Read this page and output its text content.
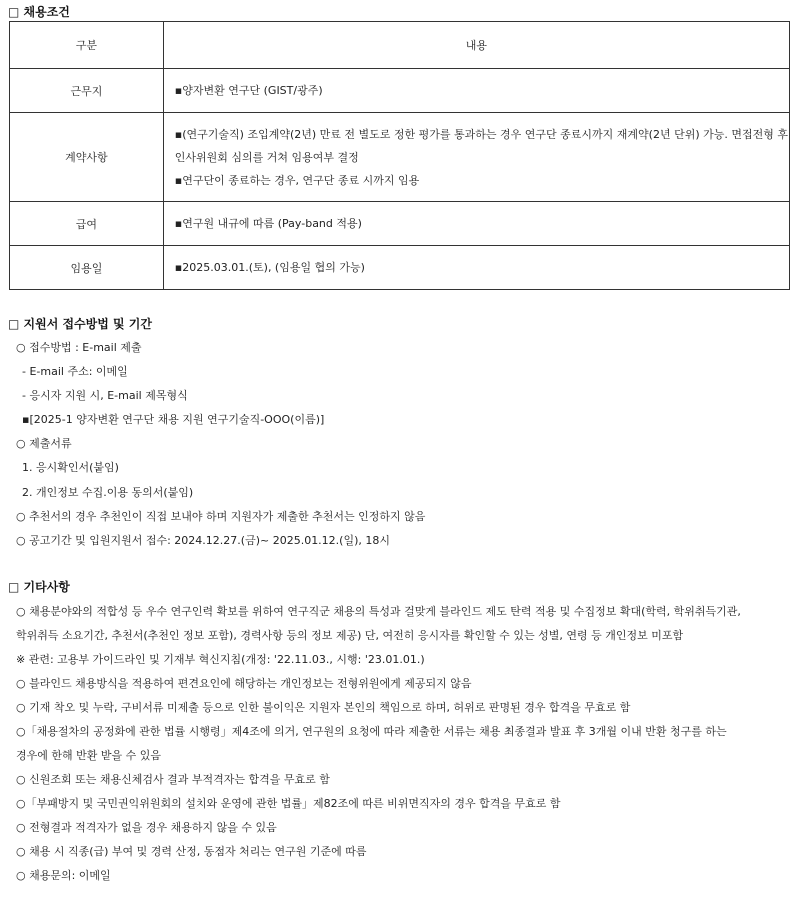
□ 채용조건
구분	내용
근무지	▪양자변환 연구단 (GIST/광주)

계약사항	▪(연구기술직) 조입계약(2년) 만료 전 별도로 정한 평가를 통과하는 경우 연구단 종료시까지 재계약(2년 단위) 가능. 면접전형 후
인사위원회 심의를 거쳐 임용여부 결정
▪연구단이 종료하는 경우, 연구단 종료 시까지 임용

급여	▪연구원 내규에 따름 (Pay-band 적용)

임용일	▪2025.03.01.(토), (임용일 협의 가능)
□ 지원서 접수방법 및 기간
○ 접수방법 : E-mail 제출
- E-mail 주소: 이메일
- 응시자 지원 시, E-mail 제목형식
▪[2025-1 양자변환 연구단 채용 지원 연구기술직-OOO(이름)]
○ 제출서류
1. 응시확인서(붙임)
2. 개인정보 수집.이용 동의서(붙임)
○ 추천서의 경우 추천인이 직접 보내야 하며 지원자가 제출한 추천서는 인정하지 않음
○ 공고기간 및 입원지원서 접수: 2024.12.27.(금)~ 2025.01.12.(일), 18시
□ 기타사항
○ 채용분야와의 적합성 등 우수 연구인력 확보를 위하여 연구직군 채용의 특성과 걸맞게 블라인드 제도 탄력 적용 및 수집정보 확대(학력, 학위취득기관,
학위취득 소요기간, 추천서(추천인 정보 포함), 경력사항 등의 정보 제공) 단, 여전히 응시자를 확인할 수 있는 성별, 연령 등 개인정보 미포함
※ 관련: 고용부 가이드라인 및 기재부 혁신지침(개정: '22.11.03., 시행: '23.01.01.)
○ 블라인드 채용방식을 적용하여 편견요인에 해당하는 개인정보는 전형위원에게 제공되지 않음
○ 기재 착오 및 누락, 구비서류 미제출 등으로 인한 불이익은 지원자 본인의 책임으로 하며, 허위로 판명된 경우 합격을 무효로 함
○「채용절차의 공정화에 관한 법률 시행령」제4조에 의거, 연구원의 요청에 따라 제출한 서류는 채용 최종결과 발표 후 3개월 이내 반환 청구를 하는
경우에 한해 반환 받을 수 있음
○ 신원조회 또는 채용신체검사 결과 부적격자는 합격을 무효로 함
○「부패방지 및 국민권익위원회의 설치와 운영에 관한 법률」제82조에 따른 비위면직자의 경우 합격을 무효로 함
○ 전형결과 적격자가 없을 경우 채용하지 않을 수 있음
○ 채용 시 직종(급) 부여 및 경력 산정, 동점자 처리는 연구원 기준에 따름
○ 채용문의: 이메일
